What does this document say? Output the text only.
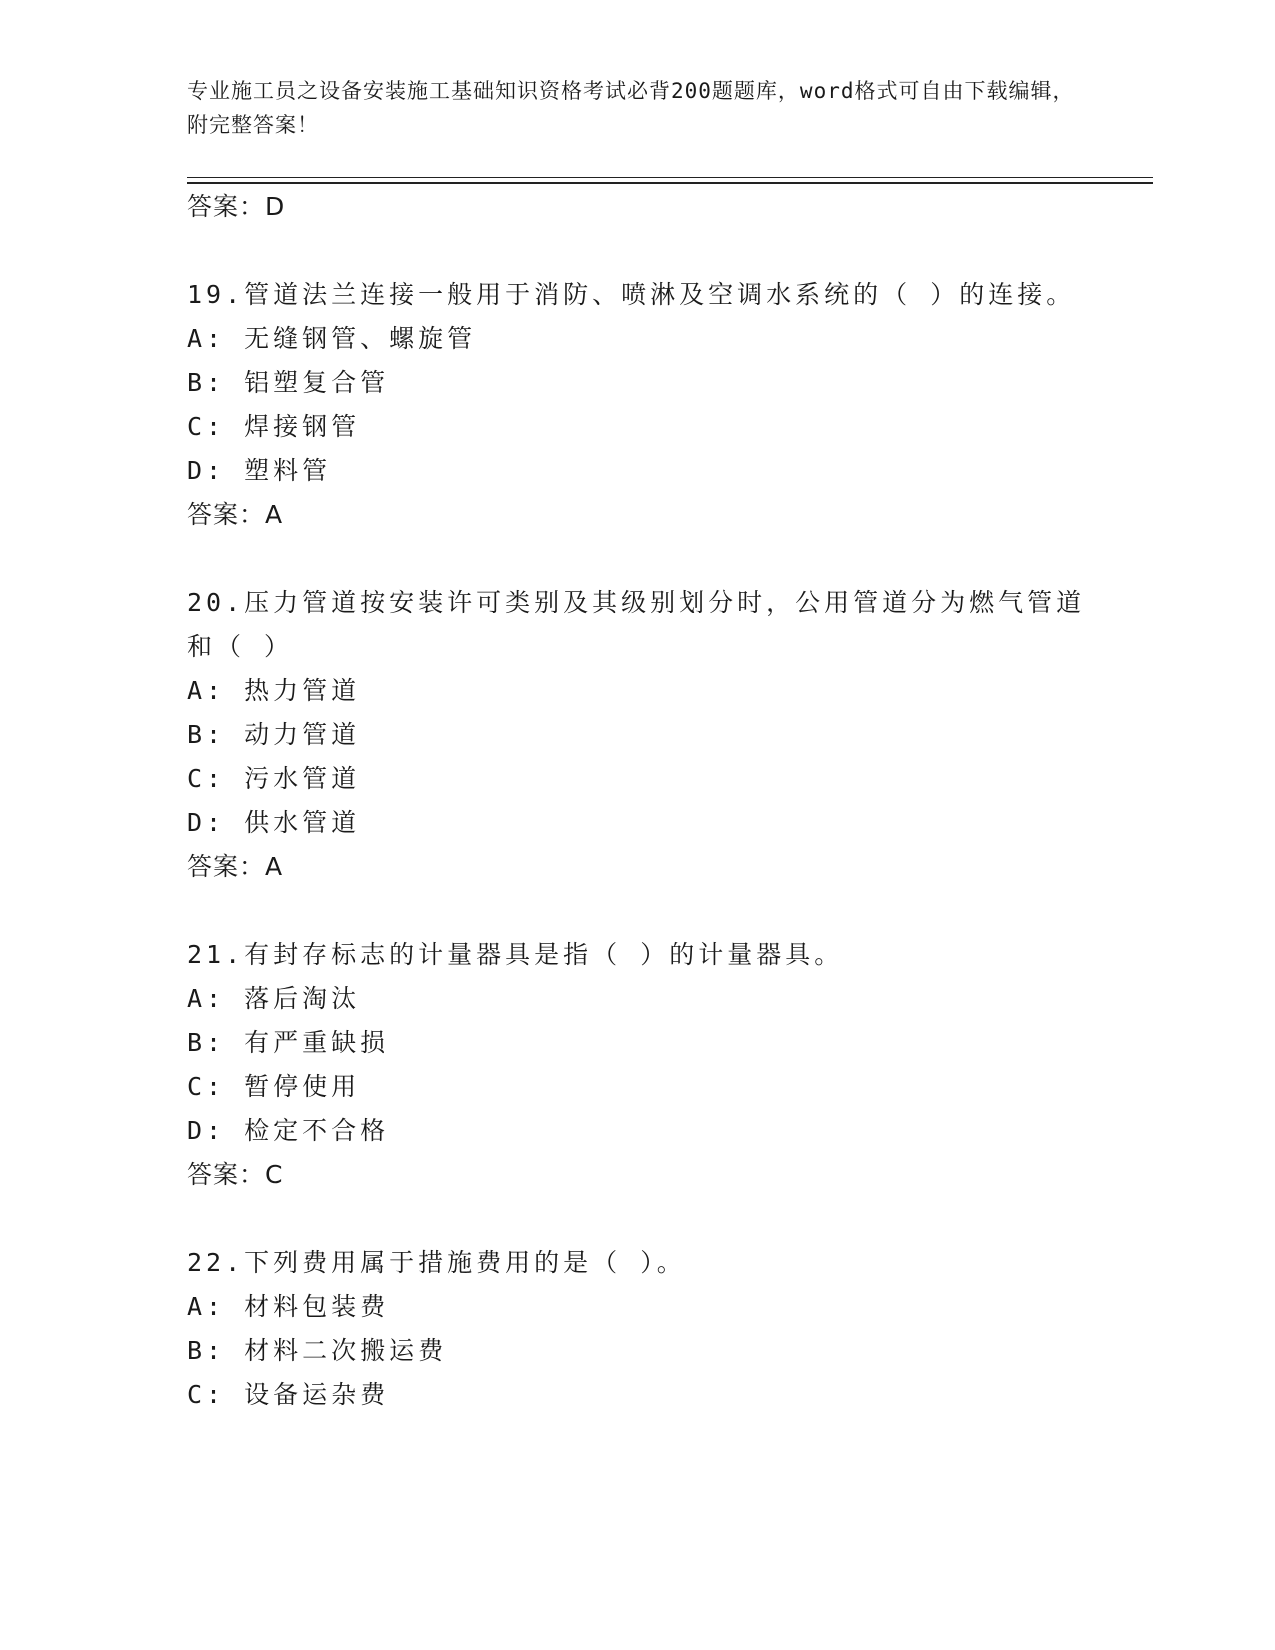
专业施工员之设备安装施工基础知识资格考试必背200题题库，word格式可自由下载编辑，附完整答案！
答案：D
19.管道法兰连接一般用于消防、喷淋及空调水系统的（ ）的连接。
A: 无缝钢管、螺旋管
B: 铝塑复合管
C: 焊接钢管
D: 塑料管
答案：A
20.压力管道按安装许可类别及其级别划分时，公用管道分为燃气管道
和（ ）
A: 热力管道
B: 动力管道
C: 污水管道
D: 供水管道
答案：A
21.有封存标志的计量器具是指（ ）的计量器具。
A: 落后淘汰
B: 有严重缺损
C: 暂停使用
D: 检定不合格
答案：C
22.下列费用属于措施费用的是（ ）。
A: 材料包装费
B: 材料二次搬运费
C: 设备运杂费
